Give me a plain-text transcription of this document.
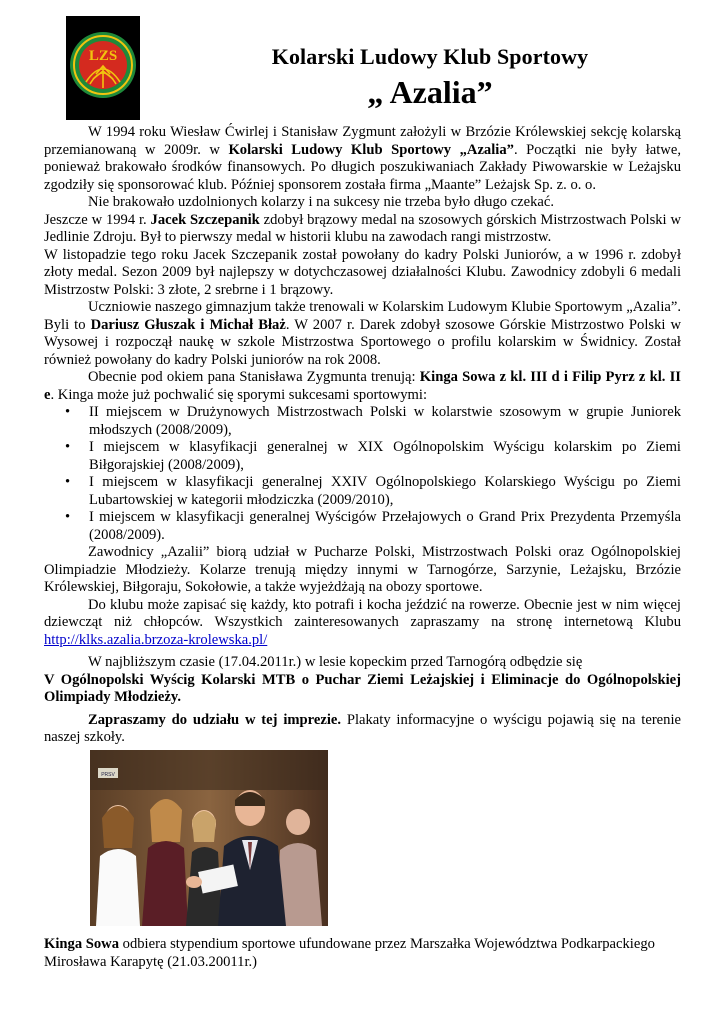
LZS	Kolarski Ludowy Klub Sportowy
„ Azalia”

W 1994 roku Wiesław Ćwirlej i Stanisław Zygmunt założyli w Brzózie Królewskiej sekcję kolarską przemianowaną w 2009r. w Kolarski Ludowy Klub Sportowy „Azalia”. Początki nie były łatwe, ponieważ brakowało środków finansowych. Po długich poszukiwaniach Zakłady Piwowarskie w Leżajsku zgodziły się sponsorować klub. Później sponsorem została firma „Maante” Leżajsk Sp. z. o. o.

Nie brakowało uzdolnionych kolarzy i na sukcesy nie trzeba było długo czekać.

Jeszcze w 1994 r. Jacek Szczepanik zdobył brązowy medal na szosowych górskich Mistrzostwach Polski w Jedlinie Zdroju. Był to pierwszy medal w historii klubu na zawodach rangi mistrzostw.

W listopadzie tego roku Jacek Szczepanik został powołany do kadry Polski Juniorów, a w 1996 r. zdobył złoty medal. Sezon 2009 był najlepszy w dotychczasowej działalności Klubu. Zawodnicy zdobyli 6 medali Mistrzostw Polski: 3 złote, 2 srebrne i 1 brązowy.

Uczniowie naszego gimnazjum także trenowali w Kolarskim Ludowym Klubie Sportowym „Azalia”. Byli to Dariusz Głuszak i Michał Błaż. W 2007 r. Darek zdobył szosowe Górskie Mistrzostwo Polski w Wysowej i rozpoczął naukę w szkole Mistrzostwa Sportowego o profilu kolarskim w Świdnicy. Został również powołany do kadry Polski juniorów na rok 2008.

Obecnie pod okiem pana Stanisława Zygmunta trenują: Kinga Sowa z kl. III d i Filip Pyrz z kl. II e. Kinga może już pochwalić się sporymi sukcesami sportowymi:

• II miejscem w Drużynowych Mistrzostwach Polski w kolarstwie szosowym w grupie Juniorek młodszych (2008/2009),
• I miejscem w klasyfikacji generalnej w XIX Ogólnopolskim Wyścigu kolarskim po Ziemi Biłgorajskiej (2008/2009),
• I miejscem w klasyfikacji generalnej XXIV Ogólnopolskiego Kolarskiego Wyścigu po Ziemi Lubartowskiej w kategorii młodziczka (2009/2010),
• I miejscem w klasyfikacji generalnej Wyścigów Przełajowych o Grand Prix Prezydenta Przemyśla (2008/2009).

Zawodnicy „Azalii” biorą udział w Pucharze Polski, Mistrzostwach Polski oraz Ogólnopolskiej Olimpiadzie Młodzieży. Kolarze trenują między innymi w Tarnogórze, Sarzynie, Leżajsku, Brzózie Królewskiej, Biłgoraju, Sokołowie, a także wyjeżdżają na obozy sportowe.

Do klubu może zapisać się każdy, kto potrafi i kocha jeździć na rowerze. Obecnie jest w nim więcej dziewcząt niż chłopców. Wszystkich zainteresowanych zapraszamy na stronę internetową Klubu http://klks.azalia.brzoza-krolewska.pl/

W najbliższym czasie (17.04.2011r.) w lesie kopeckim przed Tarnogórą odbędzie się

V Ogólnopolski Wyścig Kolarski MTB o Puchar Ziemi Leżajskiej i Eliminacje do Ogólnopolskiej Olimpiady Młodzieży.

Zapraszamy do udziału w tej imprezie. Plakaty informacyjne o wyścigu pojawią się na terenie naszej szkoły.

PRSV
Kinga Sowa odbiera stypendium sportowe ufundowane przez Marszałka Województwa Podkarpackiego Mirosława Karapytę (21.03.20011r.)
